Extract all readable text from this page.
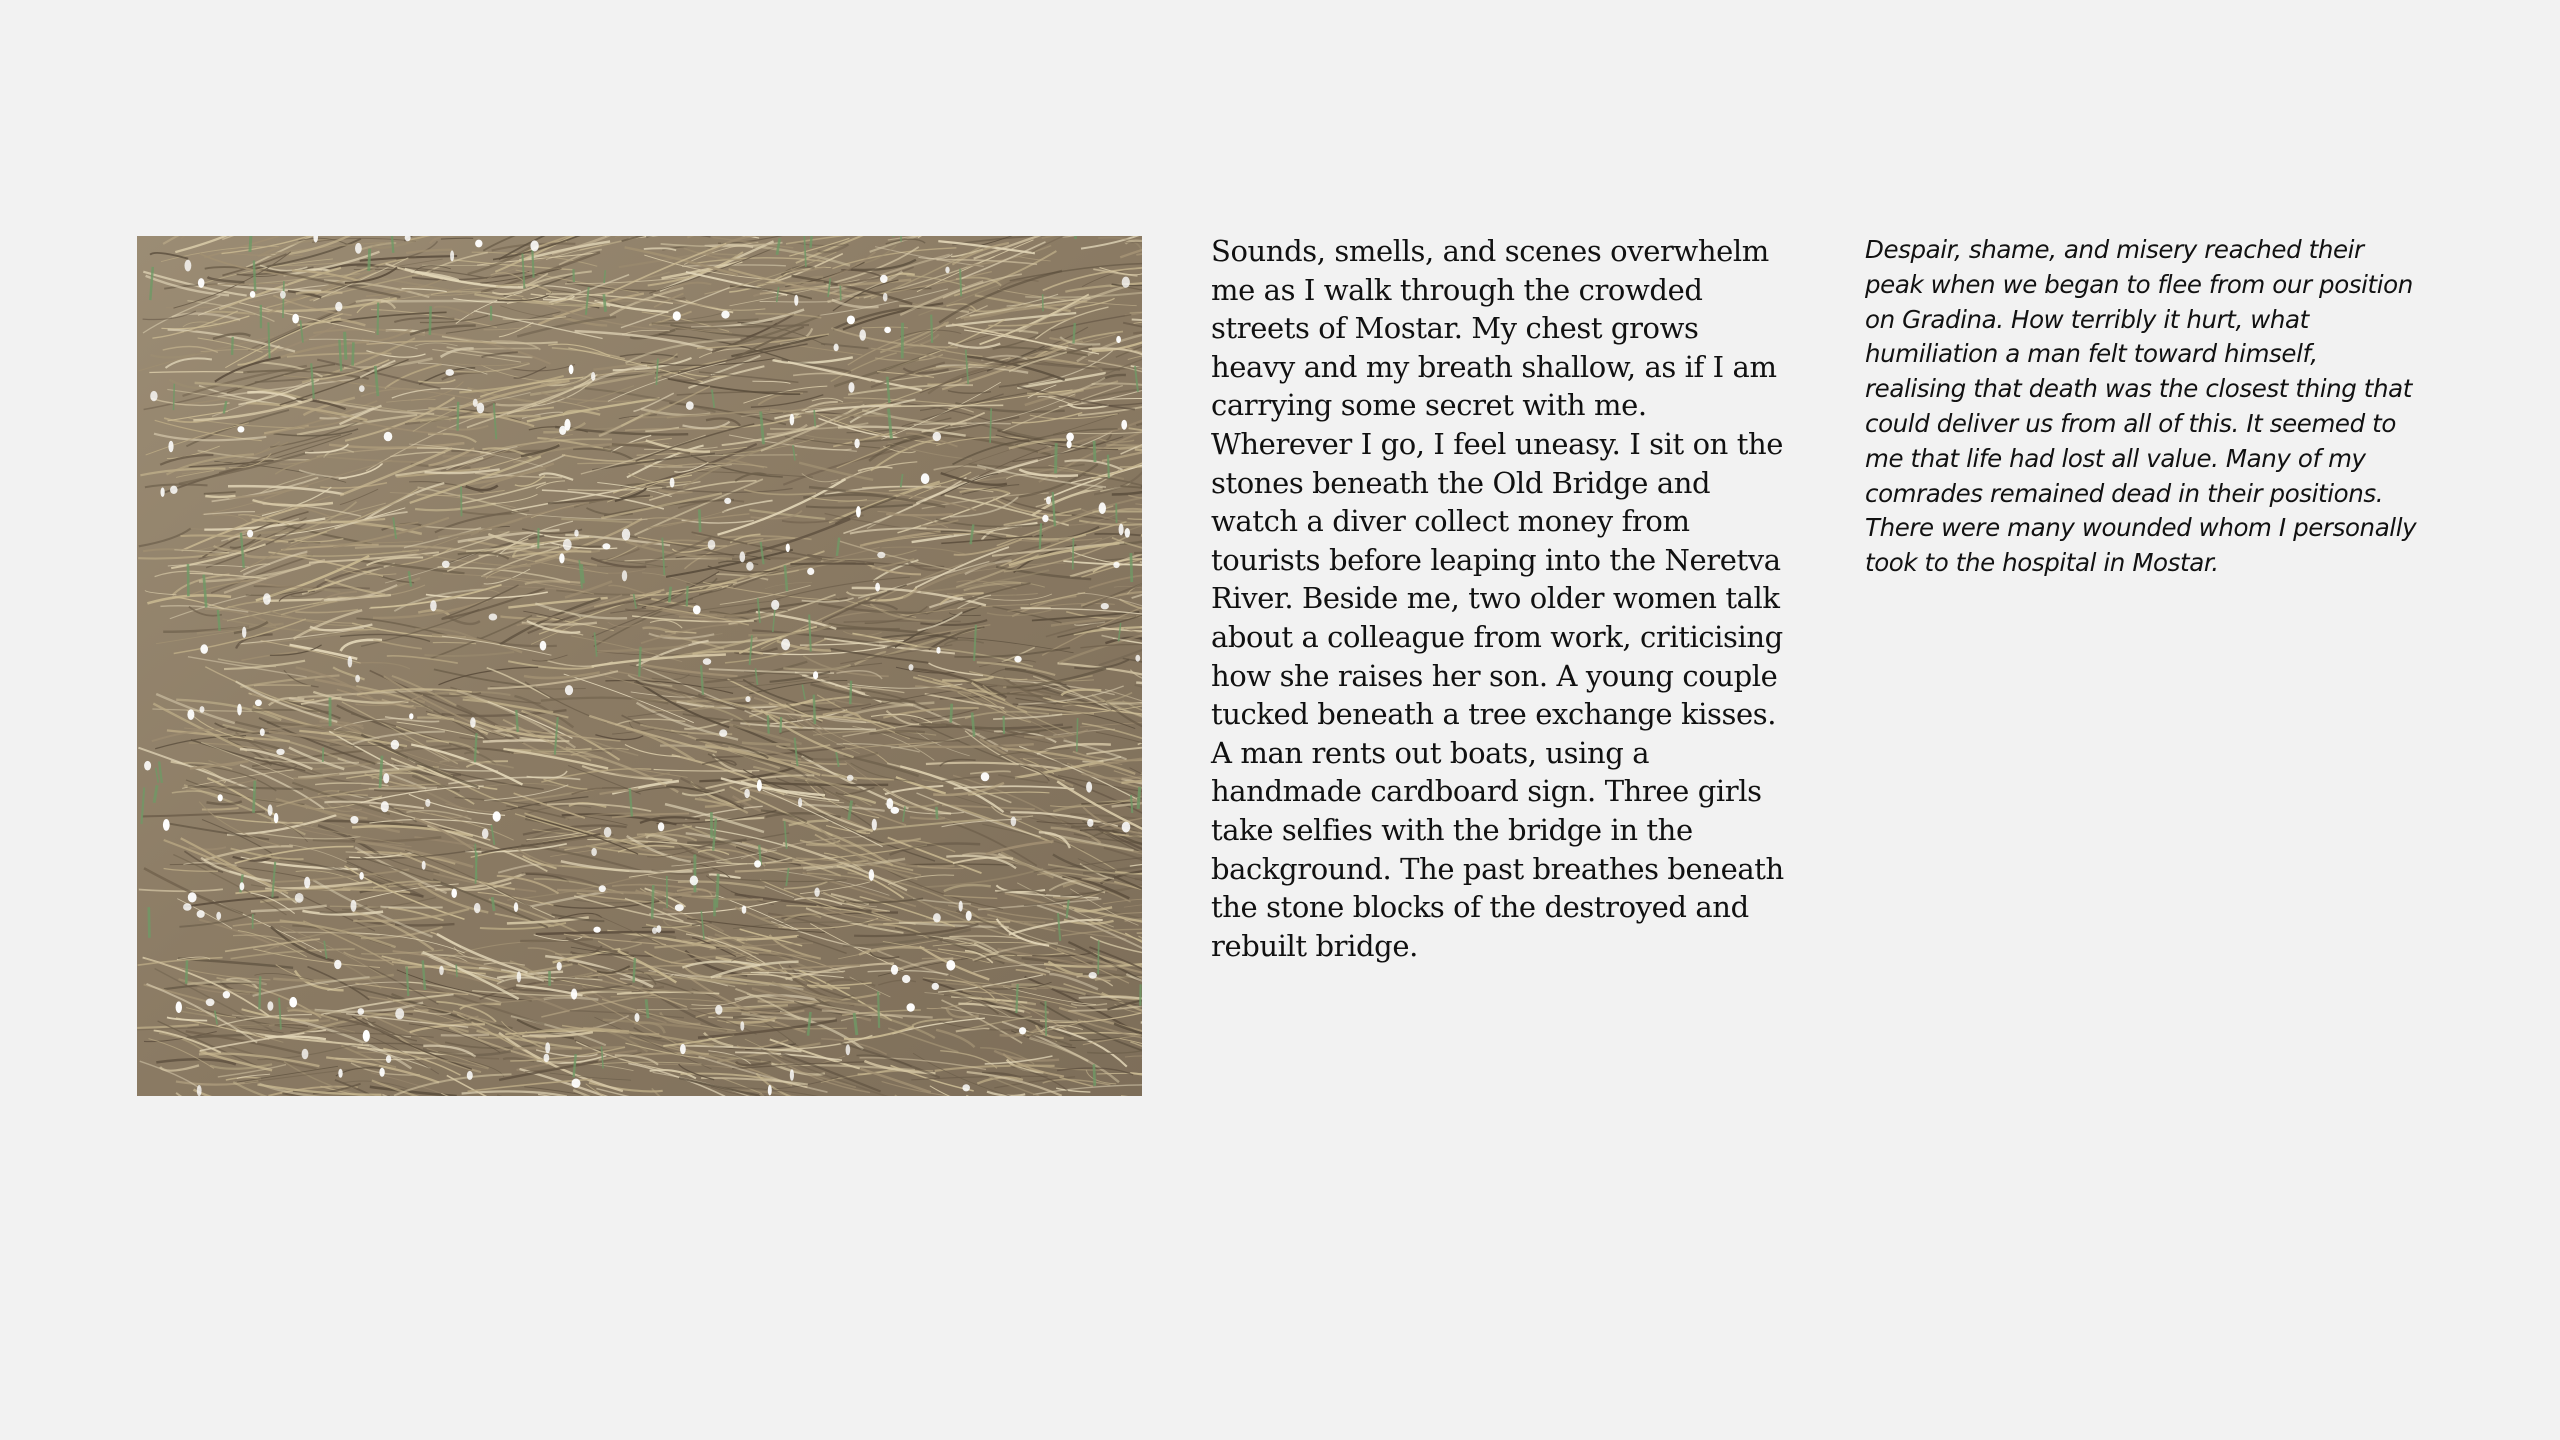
Sounds, smells, and scenes overwhelm me as I walk through the crowded streets of Mostar. My chest grows heavy and my breath shallow, as if I am carrying some secret with me. Wherever I go, I feel uneasy. I sit on the stones beneath the Old Bridge and watch a diver collect money from tourists before leaping into the Neretva River. Beside me, two older women talk about a colleague from work, criticising how she raises her son. A young couple tucked beneath a tree exchange kisses. A man rents out boats, using a handmade cardboard sign. Three girls take selfies with the bridge in the background. The past breathes beneath the stone blocks of the destroyed and rebuilt bridge.

Despair, shame, and misery reached their peak when we began to flee from our position on Gradina. How terribly it hurt, what humiliation a man felt toward himself, realising that death was the closest thing that could deliver us from all of this. It seemed to me that life had lost all value. Many of my comrades remained dead in their positions. There were many wounded whom I personally took to the hospital in Mostar.
